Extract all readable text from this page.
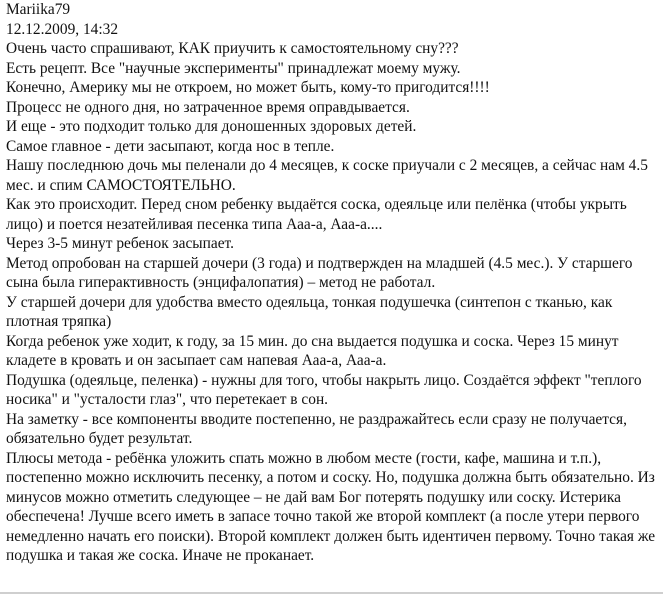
Mariika79
12.12.2009, 14:32
Очень часто спрашивают, КАК приучить к самостоятельному сну???
Есть рецепт. Все "научные эксперименты" принадлежат моему мужу.
Конечно, Америку мы не откроем, но может быть, кому-то пригодится!!!!
Процесс не одного дня, но затраченное время оправдывается.
И еще - это подходит только для доношенных здоровых детей.
Самое главное - дети засыпают, когда нос в тепле.
Нашу последнюю дочь мы пеленали до 4 месяцев, к соске приучали с 2 месяцев, а сейчас нам 4.5 мес. и спим САМОСТОЯТЕЛЬНО.
Как это происходит. Перед сном ребенку выдаётся соска, одеяльце или пелёнка (чтобы укрыть лицо) и поется незатейливая песенка типа Ааа-а, Ааа-а....
Через 3-5 минут ребенок засыпает.
Метод опробован на старшей дочери (3 года) и подтвержден на младшей (4.5 мес.). У старшего сына была гиперактивность (энцифалопатия) – метод не работал.
У старшей дочери для удобства вместо одеяльца, тонкая подушечка (синтепон с тканью, как плотная тряпка)
Когда ребенок уже ходит, к году, за 15 мин. до сна выдается подушка и соска. Через 15 минут кладете в кровать и он засыпает сам напевая Ааа-а, Ааа-а.
Подушка (одеяльце, пеленка) - нужны для того, чтобы накрыть лицо. Создаётся эффект "теплого носика" и "усталости глаз", что перетекает в сон.
На заметку - все компоненты вводите постепенно, не раздражайтесь если сразу не получается, обязательно будет результат.
Плюсы метода - ребёнка уложить спать можно в любом месте (гости, кафе, машина и т.п.), постепенно можно исключить песенку, а потом и соску. Но, подушка должна быть обязательно. Из минусов можно отметить следующее – не дай вам Бог потерять подушку или соску. Истерика обеспечена! Лучше всего иметь в запасе точно такой же второй комплект (а после утери первого немедленно начать его поиски). Второй комплект должен быть идентичен первому. Точно такая же подушка и такая же соска. Иначе не проканает.
